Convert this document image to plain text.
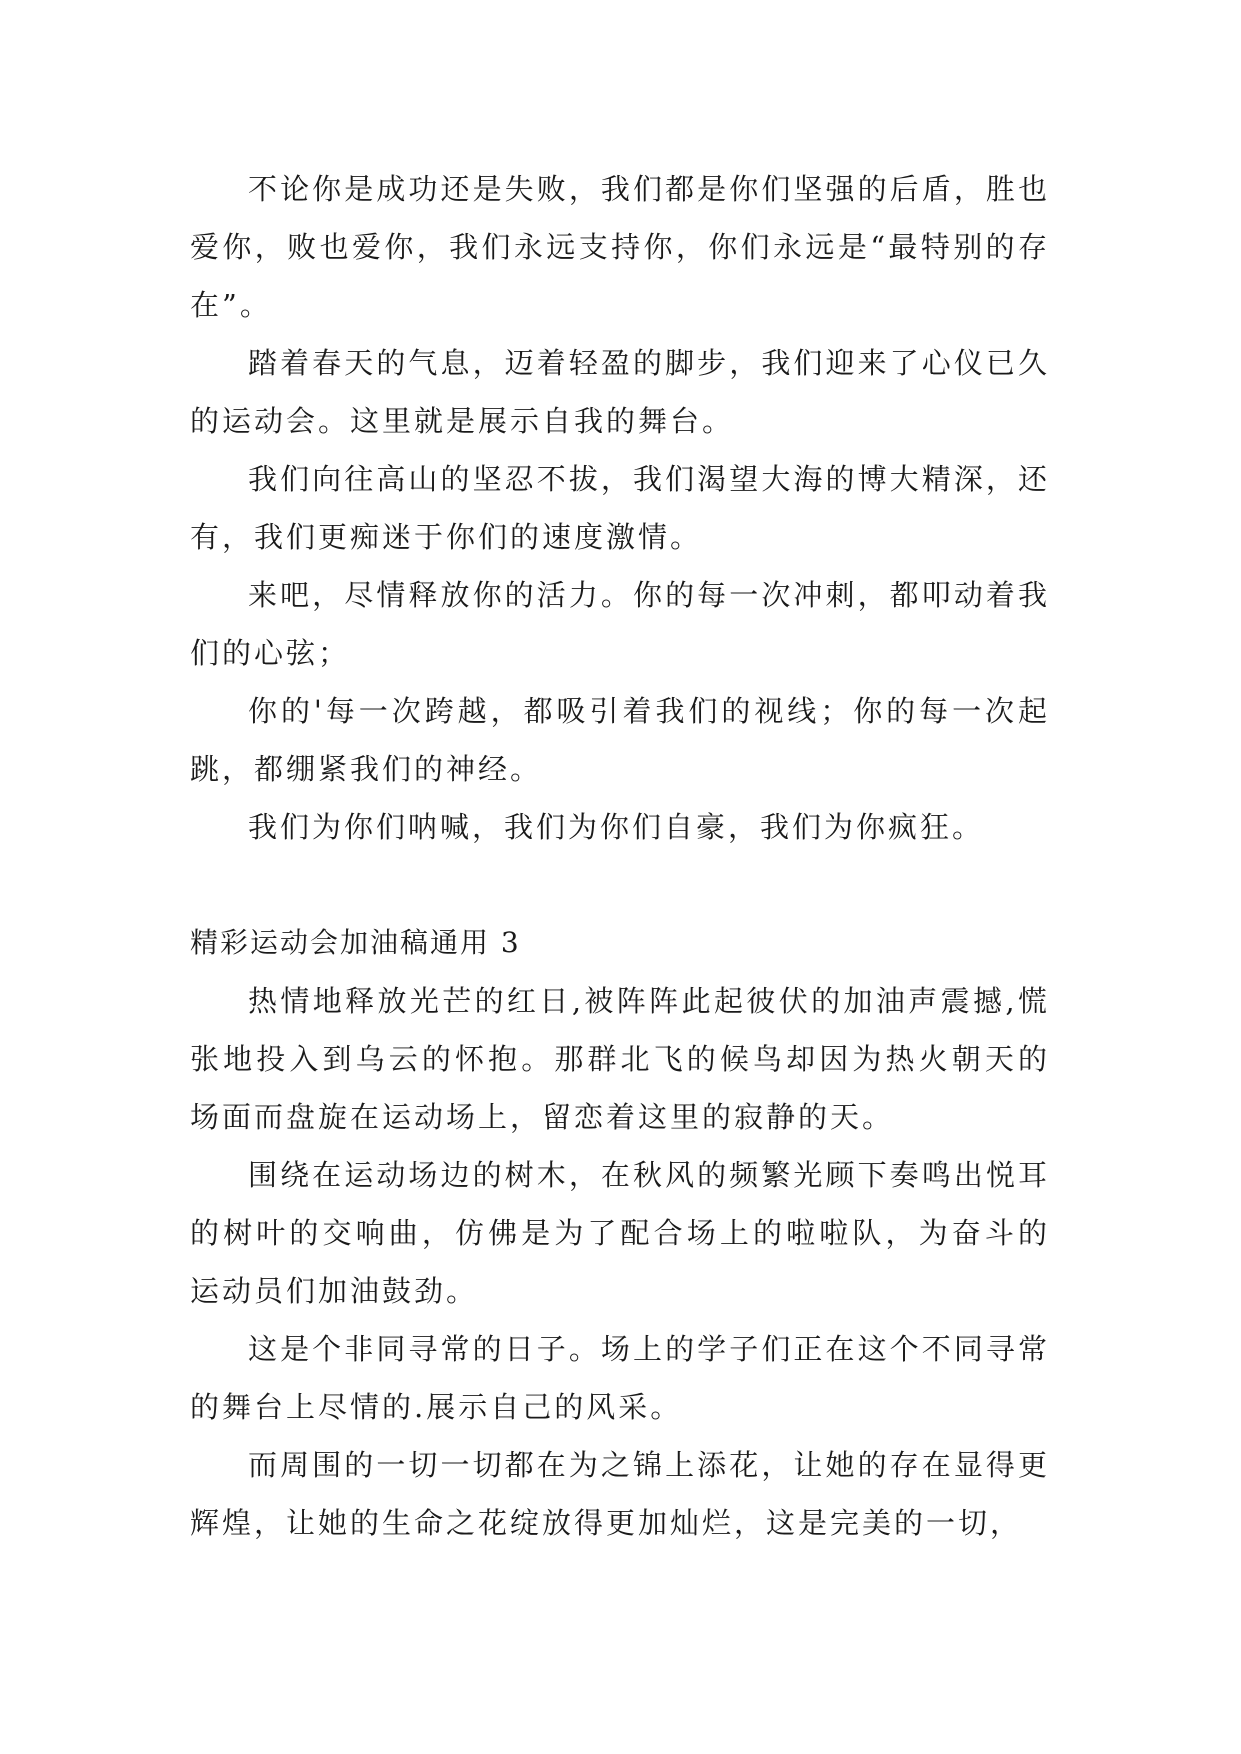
不论你是成功还是失败，我们都是你们坚强的后盾，胜也爱你，败也爱你，我们永远支持你，你们永远是“最特别的存在”。

踏着春天的气息，迈着轻盈的脚步，我们迎来了心仪已久的运动会。这里就是展示自我的舞台。

我们向往高山的坚忍不拔，我们渴望大海的博大精深，还有，我们更痴迷于你们的速度激情。

来吧，尽情释放你的活力。你的每一次冲刺，都叩动着我们的心弦；

你的'每一次跨越，都吸引着我们的视线；你的每一次起跳，都绷紧我们的神经。

我们为你们呐喊，我们为你们自豪，我们为你疯狂。

精彩运动会加油稿通用 3

热情地释放光芒的红日,被阵阵此起彼伏的加油声震撼,慌张地投入到乌云的怀抱。那群北飞的候鸟却因为热火朝天的场面而盘旋在运动场上，留恋着这里的寂静的天。

围绕在运动场边的树木，在秋风的频繁光顾下奏鸣出悦耳的树叶的交响曲，仿佛是为了配合场上的啦啦队，为奋斗的运动员们加油鼓劲。

这是个非同寻常的日子。场上的学子们正在这个不同寻常的舞台上尽情的.展示自己的风采。

而周围的一切一切都在为之锦上添花，让她的存在显得更辉煌，让她的生命之花绽放得更加灿烂，这是完美的一切，
